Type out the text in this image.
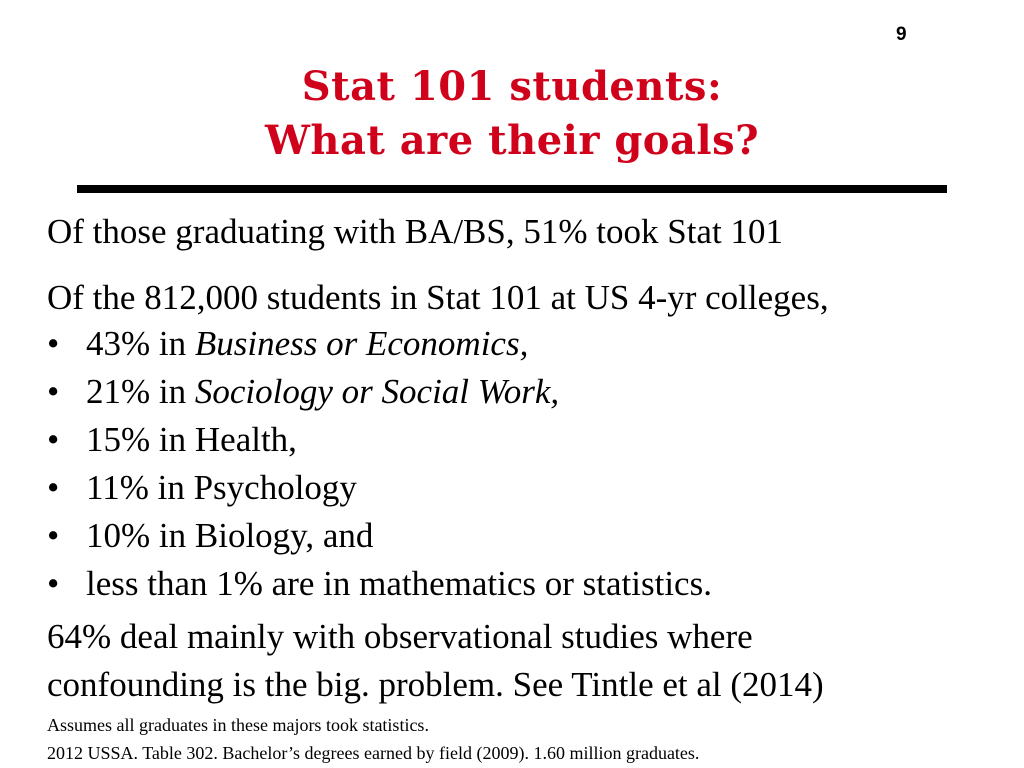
9
Stat 101 students:
What are their goals?
Of those graduating with BA/BS, 51% took Stat 101
Of the 812,000 students in Stat 101 at US 4-yr colleges,
• 43% in Business or Economics,
• 21% in Sociology or Social Work,
• 15% in Health,
• 11% in Psychology
• 10% in Biology, and
• less than 1% are in mathematics or statistics.
64% deal mainly with observational studies where
confounding is the big. problem. See Tintle et al (2014)
Assumes all graduates in these majors took statistics.
2012 USSA. Table 302. Bachelor’s degrees earned by field (2009). 1.60 million graduates.
